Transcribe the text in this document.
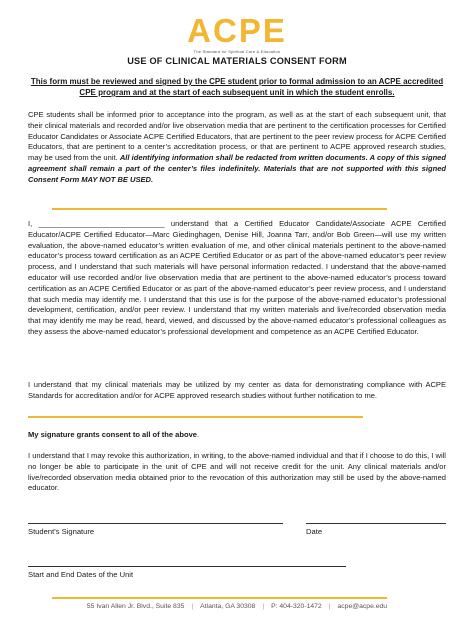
ACPE
The Standard for Spiritual Care & Education
USE OF CLINICAL MATERIALS CONSENT FORM
This form must be reviewed and signed by the CPE student prior to formal admission to an ACPE accredited CPE program and at the start of each subsequent unit in which the student enrolls.
CPE students shall be informed prior to acceptance into the program, as well as at the start of each subsequent unit, that their clinical materials and recorded and/or live observation media that are pertinent to the certification processes for Certified Educator Candidates or Associate ACPE Certified Educators, that are pertinent to the peer review process for ACPE Certified Educators, that are pertinent to a center’s accreditation process, or that are pertinent to ACPE approved research studies, may be used from the unit. All identifying information shall be redacted from written documents. A copy of this signed agreement shall remain a part of the center’s files indefinitely. Materials that are not supported with this signed Consent Form MAY NOT BE USED.
I, ______________________________ understand that a Certified Educator Candidate/Associate ACPE Certified Educator/ACPE Certified Educator—Marc Giedinghagen, Denise Hill, Joanna Tarr, and/or Bob Green—will use my written evaluation, the above-named educator’s written evaluation of me, and other clinical materials pertinent to the above-named educator’s process toward certification as an ACPE Certified Educator or as part of the above-named educator’s peer review process, and I understand that such materials will have personal information redacted. I understand that the above-named educator will use recorded and/or live observation media that are pertinent to the above-named educator’s process toward certification as an ACPE Certified Educator or as part of the above-named educator’s peer review process, and I understand that such media may identify me. I understand that this use is for the purpose of the above-named educator’s professional development, certification, and/or peer review. I understand that my written materials and live/recorded observation media that may identify me may be read, heard, viewed, and discussed by the above-named educator’s professional colleagues as they assess the above-named educator’s professional development and competence as an ACPE Certified Educator.
I understand that my clinical materials may be utilized by my center as data for demonstrating compliance with ACPE Standards for accreditation and/or for ACPE approved research studies without further notification to me.
My signature grants consent to all of the above.
I understand that I may revoke this authorization, in writing, to the above-named individual and that if I choose to do this, I will no longer be able to participate in the unit of CPE and will not receive credit for the unit. Any clinical materials and/or live/recorded observation media obtained prior to the revocation of this authorization may still be used by the above-named educator.
Student’s Signature	Date
Start and End Dates of the Unit
55 Ivan Allen Jr. Blvd., Suite 835 | Atlanta, GA 30308 | P: 404-320-1472 | acpe@acpe.edu
